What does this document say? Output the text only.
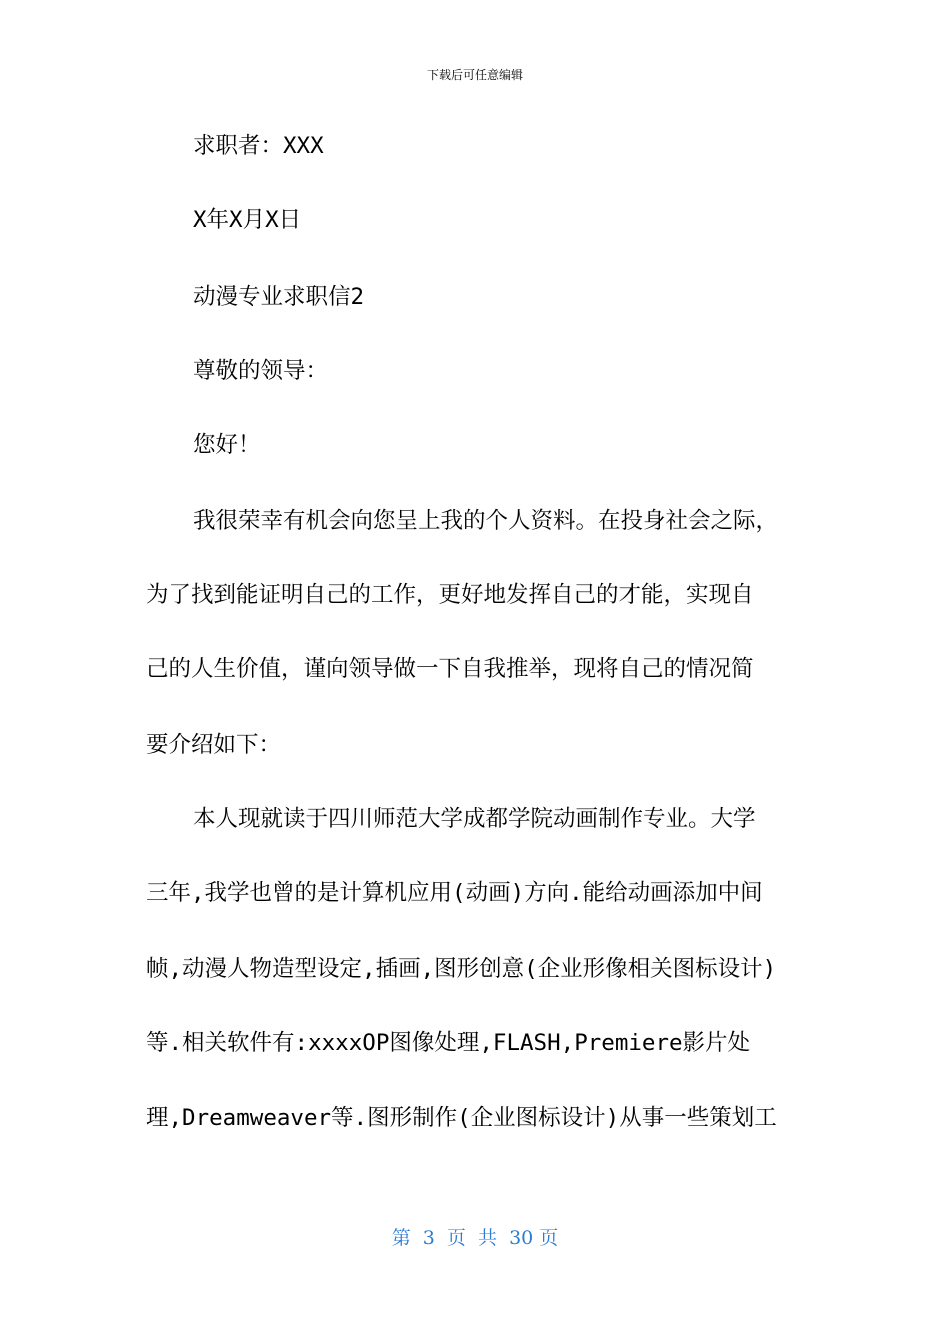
下载后可任意编辑
求职者：XXX
X年X月X日
动漫专业求职信2
尊敬的领导：
您好！
我很荣幸有机会向您呈上我的个人资料。在投身社会之际，
为了找到能证明自己的工作，更好地发挥自己的才能，实现自
己的人生价值，谨向领导做一下自我推举，现将自己的情况简
要介绍如下：
本人现就读于四川师范大学成都学院动画制作专业。大学
三年,我学也曾的是计算机应用(动画)方向.能给动画添加中间
帧,动漫人物造型设定,插画,图形创意(企业形像相关图标设计)
等.相关软件有:xxxxOP图像处理,FLASH,Premiere影片处
理,Dreamweaver等.图形制作(企业图标设计)从事一些策划工
第  3  页  共  30 页
